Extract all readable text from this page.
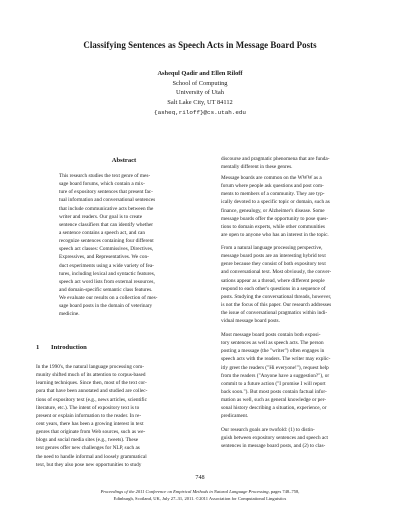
Classifying Sentences as Speech Acts in Message Board Posts
Ashequl Qadir and Ellen Riloff
School of Computing
University of Utah
Salt Lake City, UT 84112
{asheq,riloff}@cs.utah.edu
Abstract
This research studies the text genre of mes-
sage board forums, which contain a mix-
ture of expository sentences that present fac-
tual information and conversational sentences
that include communicative acts between the
writer and readers. Our goal is to create
sentence classifiers that can identify whether
a sentence contains a speech act, and can
recognize sentences containing four different
speech act classes: Commissives, Directives,
Expressives, and Representatives. We con-
duct experiments using a wide variety of fea-
tures, including lexical and syntactic features,
speech act word lists from external resources,
and domain-specific semantic class features.
We evaluate our results on a collection of mes-
sage board posts in the domain of veterinary
medicine.
1 Introduction
In the 1990's, the natural language processing com-
munity shifted much of its attention to corpus-based
learning techniques. Since then, most of the text cor-
pora that have been annotated and studied are collec-
tions of expository text (e.g., news articles, scientific
literature, etc.). The intent of expository text is to
present or explain information to the reader. In re-
cent years, there has been a growing interest in text
genres that originate from Web sources, such as we-
blogs and social media sites (e.g., tweets). These
text genres offer new challenges for NLP, such as
the need to handle informal and loosely grammatical
text, but they also pose new opportunities to study
discourse and pragmatic phenomena that are funda-
mentally different in these genres.
Message boards are common on the WWW as a
forum where people ask questions and post com-
ments to members of a community. They are typ-
ically devoted to a specific topic or domain, such as
finance, genealogy, or Alzheimer's disease. Some
message boards offer the opportunity to pose ques-
tions to domain experts, while other communities
are open to anyone who has an interest in the topic.
From a natural language processing perspective,
message board posts are an interesting hybrid text
genre because they consist of both expository text
and conversational text. Most obviously, the conver-
sations appear as a thread, where different people
respond to each other's questions in a sequence of
posts. Studying the conversational threads, however,
is not the focus of this paper. Our research addresses
the issue of conversational pragmatics within indi-
vidual message board posts.
Most message board posts contain both exposi-
tory sentences as well as speech acts. The person
posting a message (the "writer") often engages in
speech acts with the readers. The writer may explic-
itly greet the readers ("Hi everyone!"), request help
from the readers ("Anyone have a suggestion?"), or
commit to a future action ("I promise I will report
back soon."). But most posts contain factual infor-
mation as well, such as general knowledge or per-
sonal history describing a situation, experience, or
predicament.
Our research goals are twofold: (1) to distin-
guish between expository sentences and speech act
sentences in message board posts, and (2) to clas-
748
Proceedings of the 2011 Conference on Empirical Methods in Natural Language Processing, pages 748–758,
Edinburgh, Scotland, UK, July 27–31, 2011. ©2011 Association for Computational Linguistics
